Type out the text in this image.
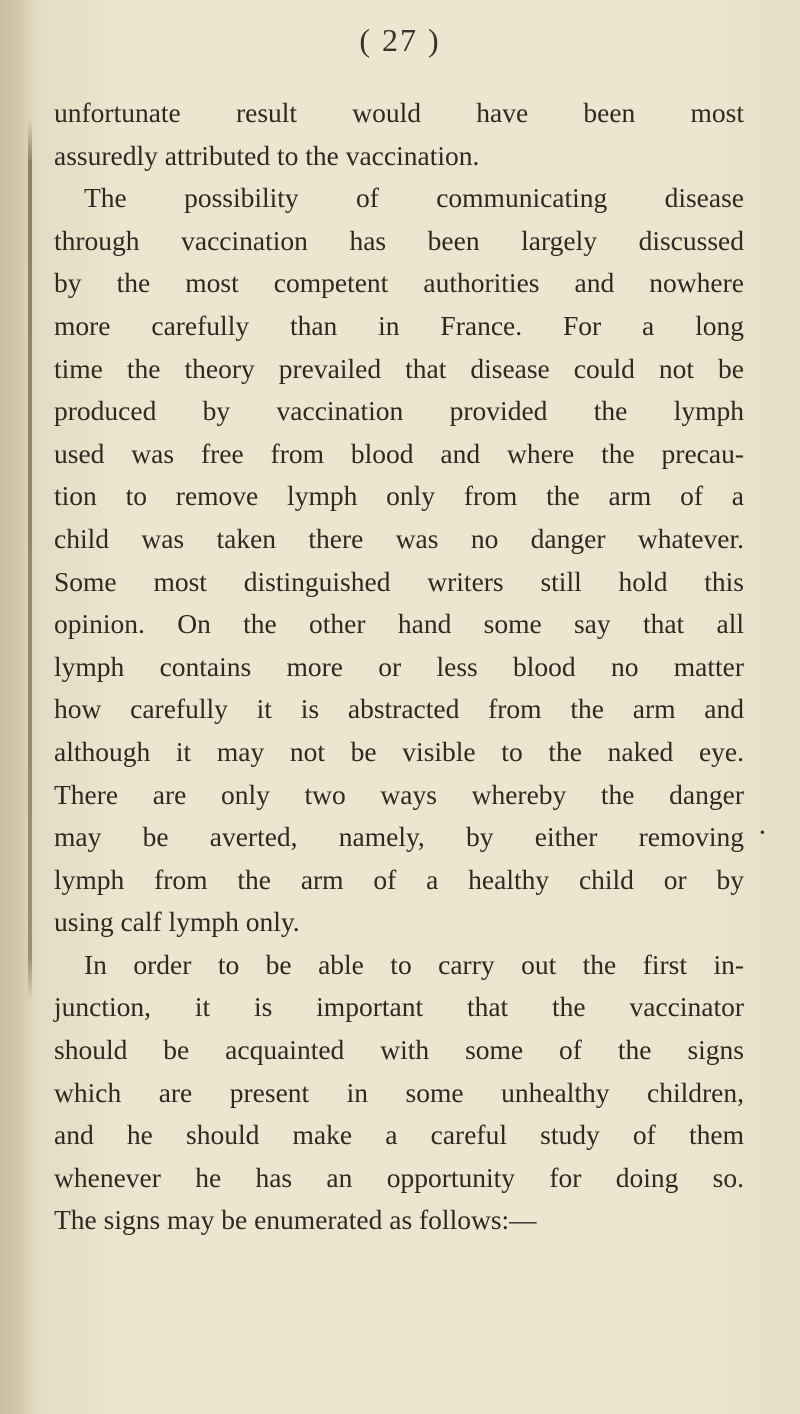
( 27 )
unfortunate result would have been most
assuredly attributed to the vaccination.
The possibility of communicating disease
through vaccination has been largely discussed
by the most competent authorities and nowhere
more carefully than in France. For a long
time the theory prevailed that disease could not be
produced by vaccination provided the lymph
used was free from blood and where the precau-
tion to remove lymph only from the arm of a
child was taken there was no danger whatever.
Some most distinguished writers still hold this
opinion. On the other hand some say that all
lymph contains more or less blood no matter
how carefully it is abstracted from the arm and
although it may not be visible to the naked eye.
There are only two ways whereby the danger
may be averted, namely, by either removing
lymph from the arm of a healthy child or by
using calf lymph only.
In order to be able to carry out the first in-
junction, it is important that the vaccinator
should be acquainted with some of the signs
which are present in some unhealthy children,
and he should make a careful study of them
whenever he has an opportunity for doing so.
The signs may be enumerated as follows:—
•
